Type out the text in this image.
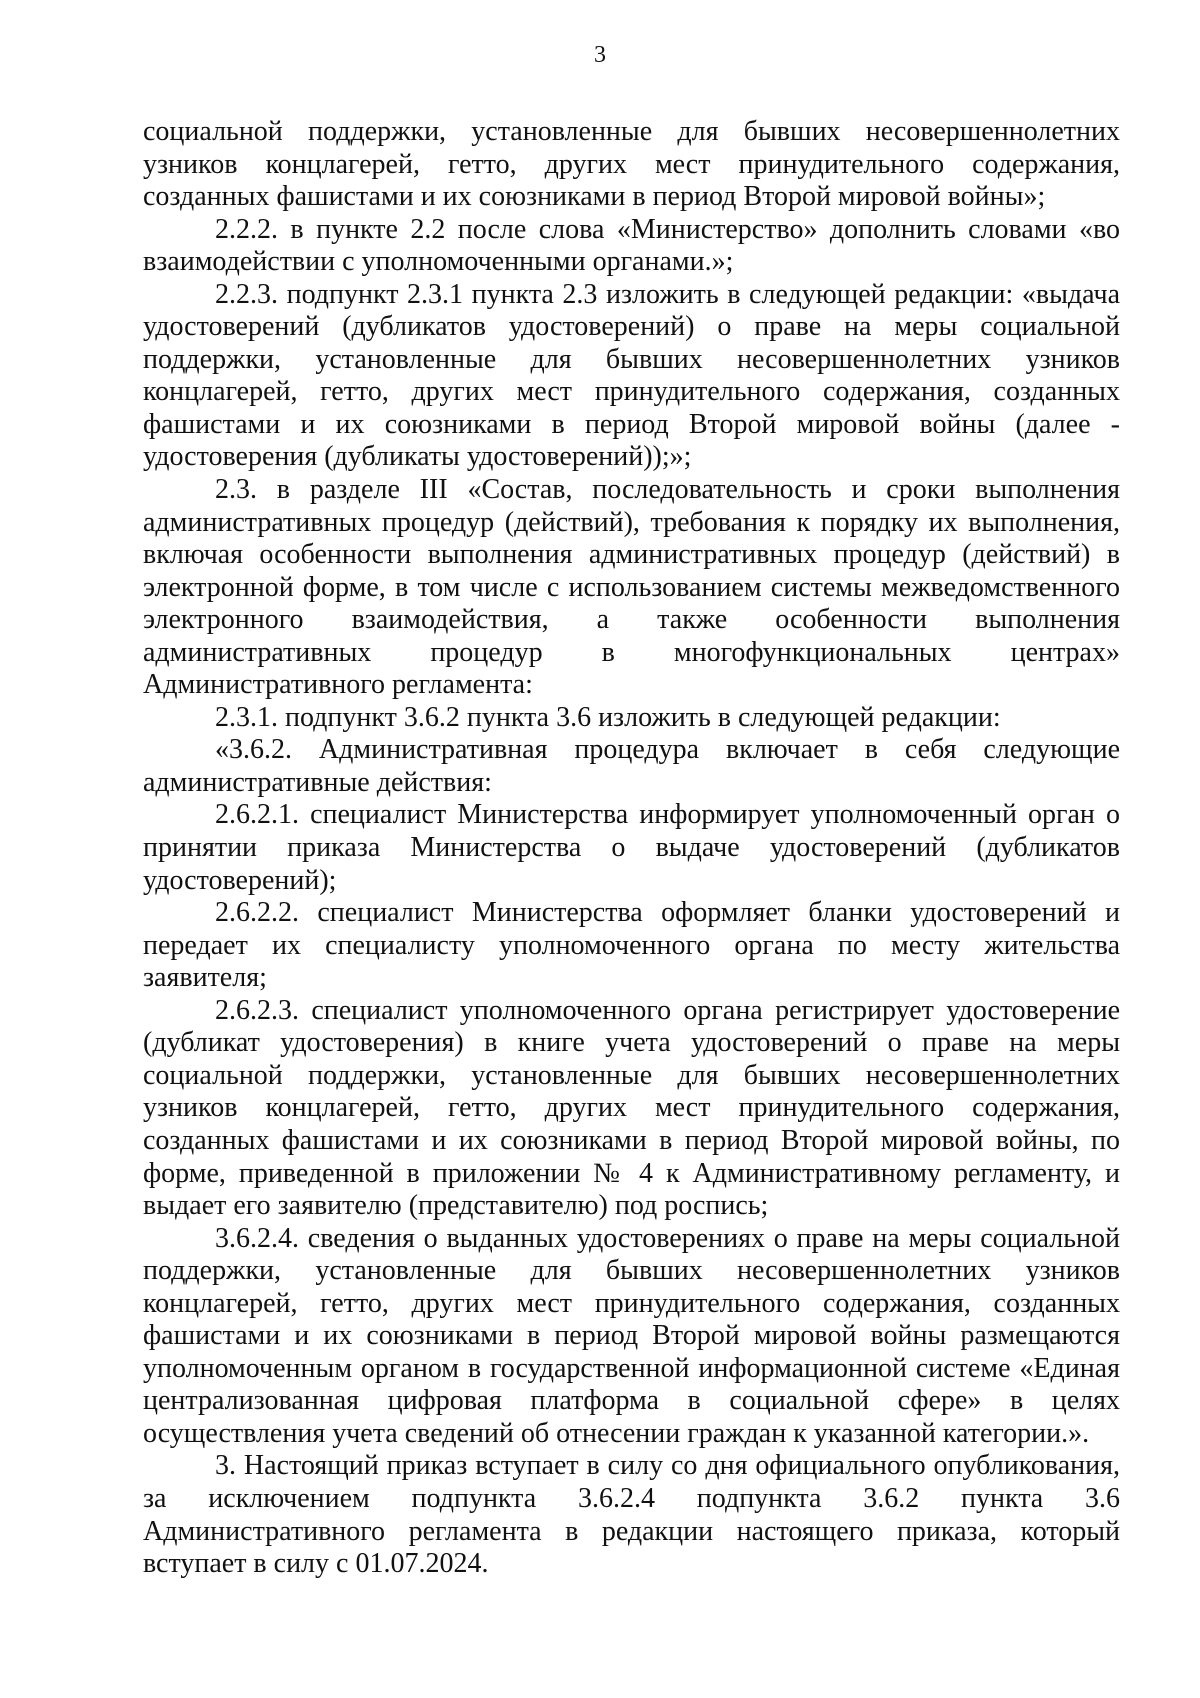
3

социальной поддержки, установленные для бывших несовершеннолетних узников концлагерей, гетто, других мест принудительного содержания, созданных фашистами и их союзниками в период Второй мировой войны»;

2.2.2. в пункте 2.2 после слова «Министерство» дополнить словами «во взаимодействии с уполномоченными органами.»;

2.2.3. подпункт 2.3.1 пункта 2.3 изложить в следующей редакции: «выдача удостоверений (дубликатов удостоверений) о праве на меры социальной поддержки, установленные для бывших несовершеннолетних узников концлагерей, гетто, других мест принудительного содержания, созданных фашистами и их союзниками в период Второй мировой войны (далее - удостоверения (дубликаты удостоверений));»;

2.3. в разделе III «Состав, последовательность и сроки выполнения административных процедур (действий), требования к порядку их выполнения, включая особенности выполнения административных процедур (действий) в электронной форме, в том числе с использованием системы межведомственного электронного взаимодействия, а также особенности выполнения административных процедур в многофункциональных центрах» Административного регламента:

2.3.1. подпункт 3.6.2 пункта 3.6 изложить в следующей редакции:

«3.6.2. Административная процедура включает в себя следующие административные действия:

2.6.2.1. специалист Министерства информирует уполномоченный орган о принятии приказа Министерства о выдаче удостоверений (дубликатов удостоверений);

2.6.2.2. специалист Министерства оформляет бланки удостоверений и передает их специалисту уполномоченного органа по месту жительства заявителя;

2.6.2.3. специалист уполномоченного органа регистрирует удостоверение (дубликат удостоверения) в книге учета удостоверений о праве на меры социальной поддержки, установленные для бывших несовершеннолетних узников концлагерей, гетто, других мест принудительного содержания, созданных фашистами и их союзниками в период Второй мировой войны, по форме, приведенной в приложении № 4 к Административному регламенту, и выдает его заявителю (представителю) под роспись;

3.6.2.4. сведения о выданных удостоверениях о праве на меры социальной поддержки, установленные для бывших несовершеннолетних узников концлагерей, гетто, других мест принудительного содержания, созданных фашистами и их союзниками в период Второй мировой войны размещаются уполномоченным органом в государственной информационной системе «Единая централизованная цифровая платформа в социальной сфере» в целях осуществления учета сведений об отнесении граждан к указанной категории.».

3. Настоящий приказ вступает в силу со дня официального опубликования, за исключением подпункта 3.6.2.4 подпункта 3.6.2 пункта 3.6 Административного регламента в редакции настоящего приказа, который вступает в силу с 01.07.2024.
